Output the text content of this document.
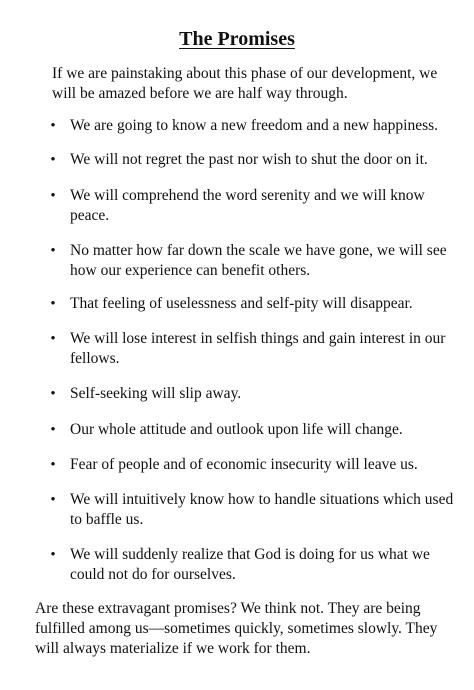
The Promises

If we are painstaking about this phase of our development, we will be amazed before we are half way through.

• We are going to know a new freedom and a new happiness.
• We will not regret the past nor wish to shut the door on it.
• We will comprehend the word serenity and we will know peace.
• No matter how far down the scale we have gone, we will see how our experience can benefit others.
• That feeling of uselessness and self-pity will disappear.
• We will lose interest in selfish things and gain interest in our fellows.
• Self-seeking will slip away.
• Our whole attitude and outlook upon life will change.
• Fear of people and of economic insecurity will leave us.
• We will intuitively know how to handle situations which used to baffle us.
• We will suddenly realize that God is doing for us what we could not do for ourselves.

Are these extravagant promises? We think not. They are being fulfilled among us—sometimes quickly, sometimes slowly. They will always materialize if we work for them.
